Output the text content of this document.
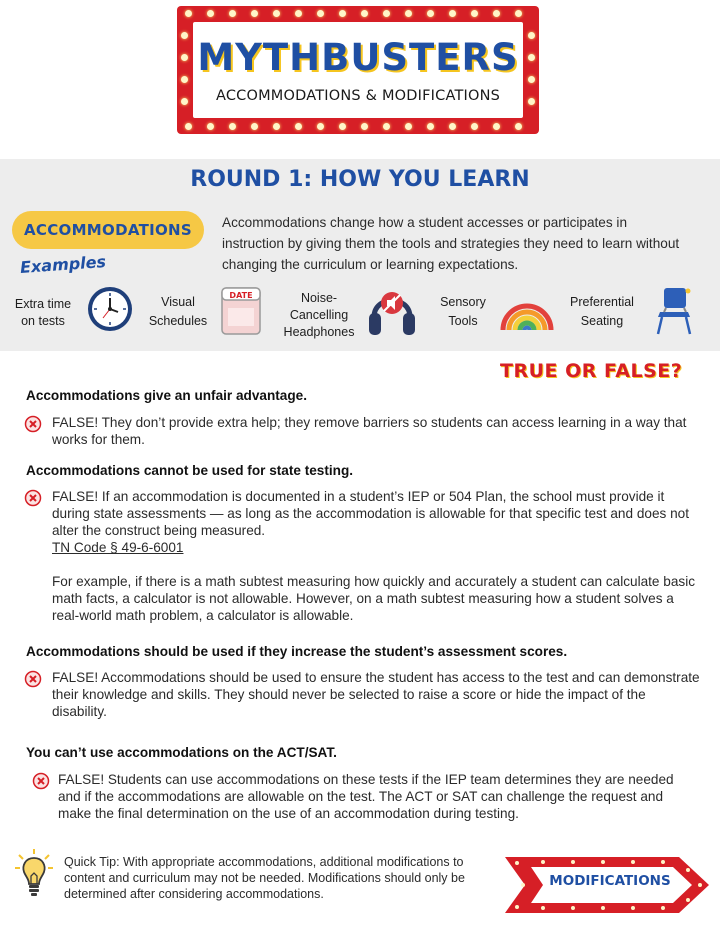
MYTHBUSTERS
ACCOMMODATIONS & MODIFICATIONS
ROUND 1: HOW YOU LEARN
ACCOMMODATIONS
Examples
Accommodations change how a student accesses or participates in instruction by giving them the tools and strategies they need to learn without changing the curriculum or learning expectations.
Extra time
on tests
Visual
Schedules
DATE	Noise-
Cancelling
Headphones
Sensory
Tools
Preferential
Seating
TRUE OR FALSE?
Accommodations give an unfair advantage.
FALSE! They don’t provide extra help; they remove barriers so students can access learning in a way that works for them.
Accommodations cannot be used for state testing.
FALSE! If an accommodation is documented in a student’s IEP or 504 Plan, the school must provide it during state assessments — as long as the accommodation is allowable for that specific test and does not alter the construct being measured.
TN Code § 49-6-6001
For example, if there is a math subtest measuring how quickly and accurately a student can calculate basic math facts, a calculator is not allowable. However, on a math subtest measuring how a student solves a real-world math problem, a calculator is allowable.
Accommodations should be used if they increase the student’s assessment scores.
FALSE! Accommodations should be used to ensure the student has access to the test and can demonstrate their knowledge and skills. They should never be selected to raise a score or hide the impact of the disability.
You can’t use accommodations on the ACT/SAT.
FALSE! Students can use accommodations on these tests if the IEP team determines they are needed and if the accommodations are allowable on the test. The ACT or SAT can challenge the request and make the final determination on the use of an accommodation during testing.
Quick Tip: With appropriate accommodations, additional modifications to content and curriculum may not be needed. Modifications should only be determined after considering accommodations.
MODIFICATIONS
